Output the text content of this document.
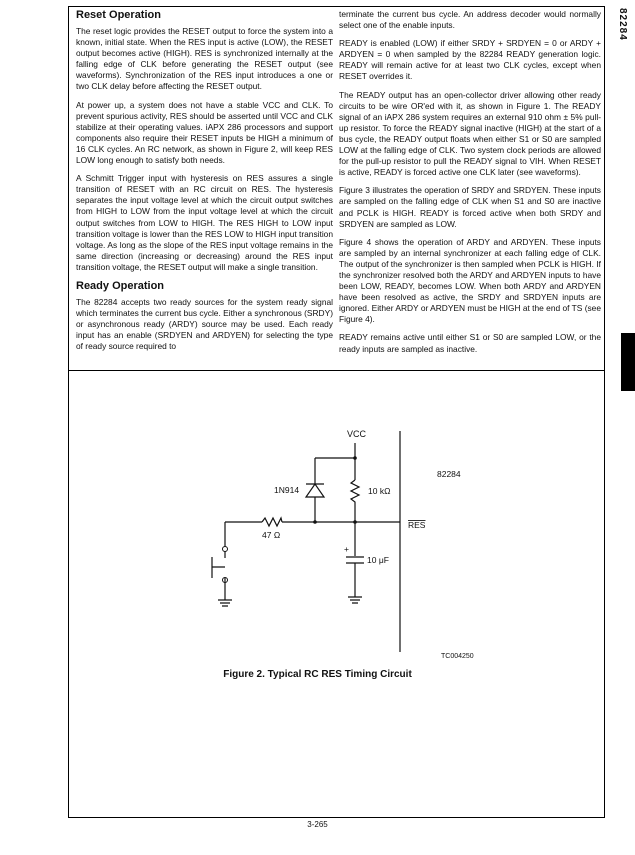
82284
Reset Operation

The reset logic provides the RESET output to force the system into a known, initial state. When the RES input is active (LOW), the RESET output becomes active (HIGH). RES is synchronized internally at the falling edge of CLK before generating the RESET output (see waveforms). Synchronization of the RES input introduces a one or two CLK delay before affecting the RESET output.

At power up, a system does not have a stable VCC and CLK. To prevent spurious activity, RES should be asserted until VCC and CLK stabilize at their operating values. iAPX 286 processors and support components also require their RESET inputs be HIGH a minimum of 16 CLK cycles. An RC network, as shown in Figure 2, will keep RES LOW long enough to satisfy both needs.

A Schmitt Trigger input with hysteresis on RES assures a single transition of RESET with an RC circuit on RES. The hysteresis separates the input voltage level at which the circuit output switches from HIGH to LOW from the input voltage level at which the circuit output switches from LOW to HIGH. The RES HIGH to LOW input transition voltage is lower than the RES LOW to HIGH input transition voltage. As long as the slope of the RES input voltage remains in the same direction (increasing or decreasing) around the RES input transition voltage, the RESET output will make a single transition.

Ready Operation

The 82284 accepts two ready sources for the system ready signal which terminates the current bus cycle. Either a synchronous (SRDY) or asynchronous ready (ARDY) source may be used. Each ready input has an enable (SRDYEN and ARDYEN) for selecting the type of ready source required to

terminate the current bus cycle. An address decoder would normally select one of the enable inputs.

READY is enabled (LOW) if either SRDY + SRDYEN = 0 or ARDY + ARDYEN = 0 when sampled by the 82284 READY generation logic. READY will remain active for at least two CLK cycles, except when RESET overrides it.

The READY output has an open-collector driver allowing other ready circuits to be wire OR'ed with it, as shown in Figure 1. The READY signal of an iAPX 286 system requires an external 910 ohm ± 5% pull-up resistor. To force the READY signal inactive (HIGH) at the start of a bus cycle, the READY output floats when either S1 or S0 are sampled LOW at the falling edge of CLK. Two system clock periods are allowed for the pull-up resistor to pull the READY signal to VIH. When RESET is active, READY is forced active one CLK later (see waveforms).

Figure 3 illustrates the operation of SRDY and SRDYEN. These inputs are sampled on the falling edge of CLK when S1 and S0 are inactive and PCLK is HIGH. READY is forced active when both SRDY and SRDYEN are sampled as LOW.

Figure 4 shows the operation of ARDY and ARDYEN. These inputs are sampled by an internal synchronizer at each falling edge of CLK. The output of the synchronizer is then sampled when PCLK is HIGH. If the synchronizer resolved both the ARDY and ARDYEN inputs to have been LOW, READY, becomes LOW. When both ARDY and ARDYEN have been resolved as active, the SRDY and SRDYEN inputs are ignored. Either ARDY or ARDYEN must be HIGH at the end of TS (see Figure 4).

READY remains active until either S1 or S0 are sampled LOW, or the ready inputs are sampled as inactive.

VCC
1N914	10 kΩ
47 Ω
+
10 μF
82284
RES
TC004250
Figure 2. Typical RC RES Timing Circuit
3-265
